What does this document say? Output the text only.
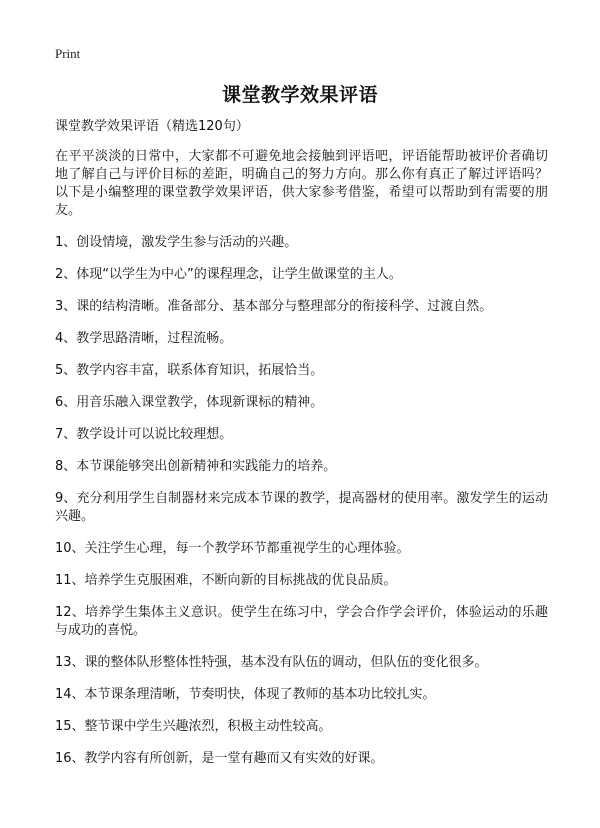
Print
课堂教学效果评语

课堂教学效果评语（精选120句）

在平平淡淡的日常中，大家都不可避免地会接触到评语吧，评语能帮助被评价者确切地了解自己与评价目标的差距，明确自己的努力方向。那么你有真正了解过评语吗？以下是小编整理的课堂教学效果评语，供大家参考借鉴，希望可以帮助到有需要的朋友。

1、创设情境，激发学生参与活动的兴趣。

2、体现“以学生为中心”的课程理念，让学生做课堂的主人。

3、课的结构清晰。准备部分、基本部分与整理部分的衔接科学、过渡自然。

4、教学思路清晰，过程流畅。

5、教学内容丰富，联系体育知识，拓展恰当。

6、用音乐融入课堂教学，体现新课标的精神。

7、教学设计可以说比较理想。

8、本节课能够突出创新精神和实践能力的培养。

9、充分利用学生自制器材来完成本节课的教学，提高器材的使用率。激发学生的运动兴趣。

10、关注学生心理，每一个教学环节都重视学生的心理体验。

11、培养学生克服困难，不断向新的目标挑战的优良品质。

12、培养学生集体主义意识。使学生在练习中，学会合作学会评价，体验运动的乐趣与成功的喜悦。

13、课的整体队形整体性特强，基本没有队伍的调动，但队伍的变化很多。

14、本节课条理清晰，节奏明快，体现了教师的基本功比较扎实。

15、整节课中学生兴趣浓烈，积极主动性较高。

16、教学内容有所创新，是一堂有趣而又有实效的好课。
